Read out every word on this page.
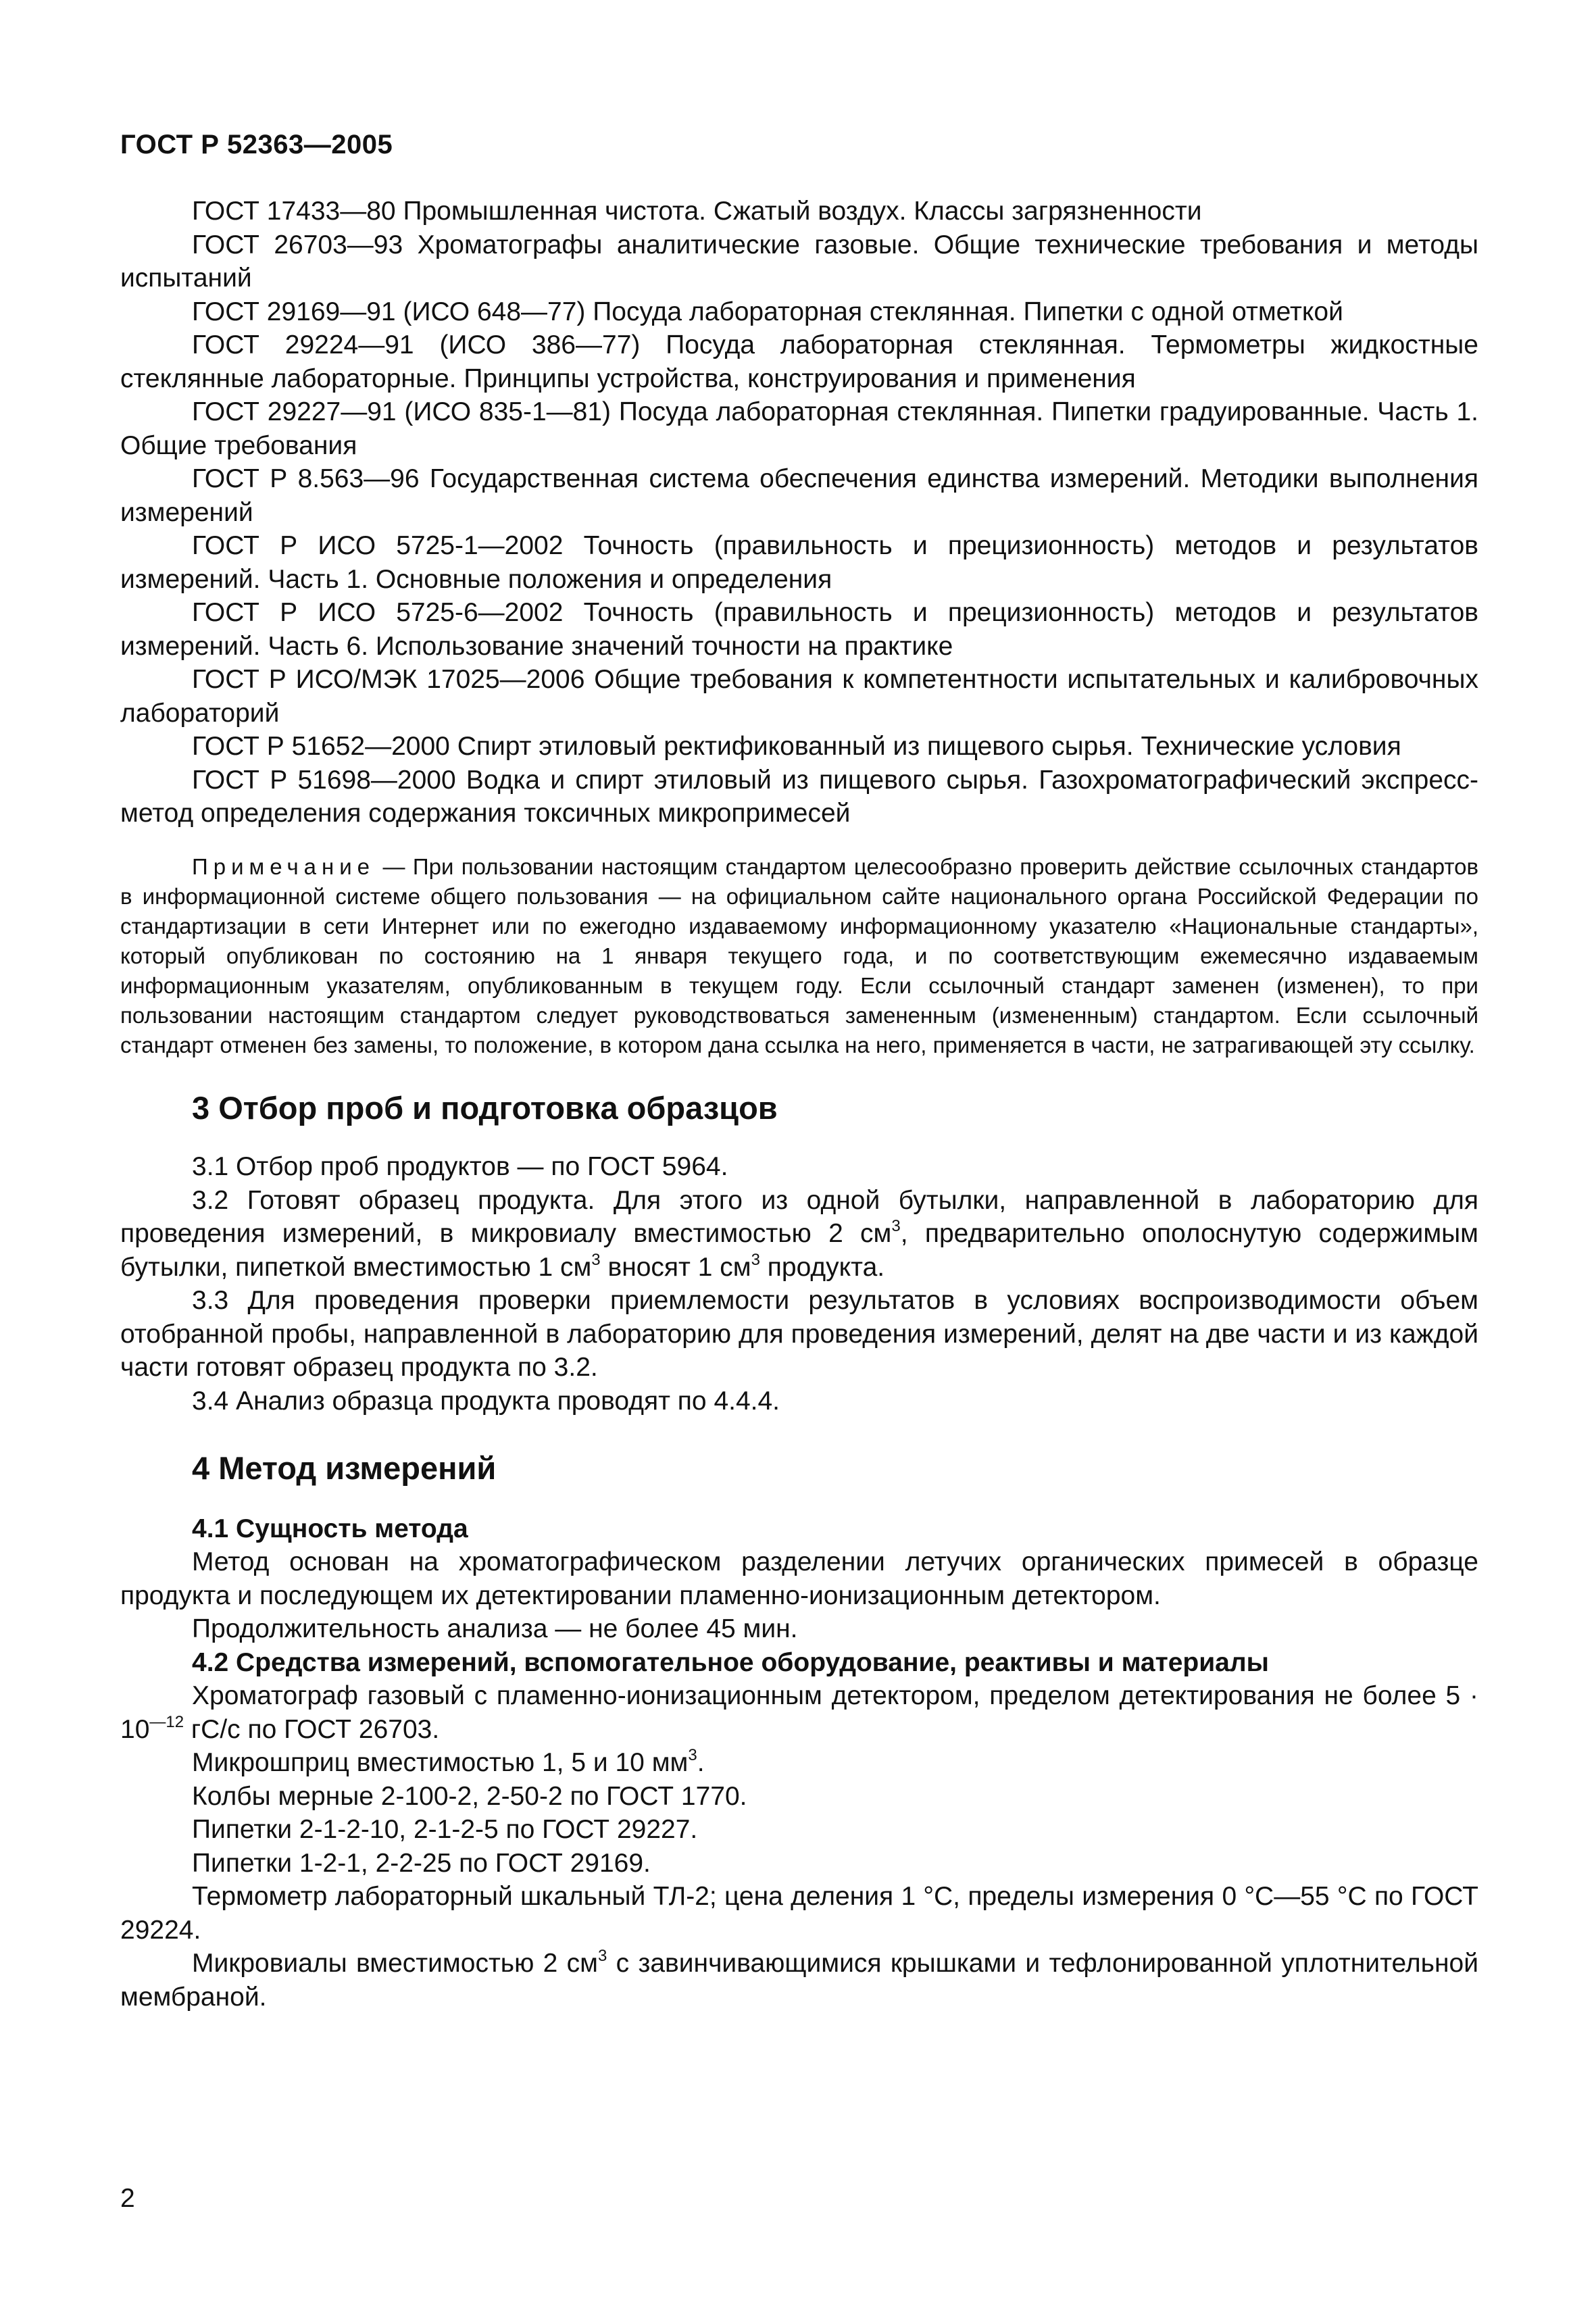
ГОСТ Р 52363—2005

ГОСТ 17433—80 Промышленная чистота. Сжатый воздух. Классы загрязненности

ГОСТ 26703—93 Хроматографы аналитические газовые. Общие технические требования и методы испытаний

ГОСТ 29169—91 (ИСО 648—77) Посуда лабораторная стеклянная. Пипетки с одной отметкой

ГОСТ 29224—91 (ИСО 386—77) Посуда лабораторная стеклянная. Термометры жидкостные стеклянные лабораторные. Принципы устройства, конструирования и применения

ГОСТ 29227—91 (ИСО 835-1—81) Посуда лабораторная стеклянная. Пипетки градуированные. Часть 1. Общие требования

ГОСТ Р 8.563—96 Государственная система обеспечения единства измерений. Методики выполнения измерений

ГОСТ Р ИСО 5725-1—2002 Точность (правильность и прецизионность) методов и результатов измерений. Часть 1. Основные положения и определения

ГОСТ Р ИСО 5725-6—2002 Точность (правильность и прецизионность) методов и результатов измерений. Часть 6. Использование значений точности на практике

ГОСТ Р ИСО/МЭК 17025—2006 Общие требования к компетентности испытательных и калибровочных лабораторий

ГОСТ Р 51652—2000 Спирт этиловый ректификованный из пищевого сырья. Технические условия

ГОСТ Р 51698—2000 Водка и спирт этиловый из пищевого сырья. Газохроматографический экспресс-метод определения содержания токсичных микропримесей

Примечание — При пользовании настоящим стандартом целесообразно проверить действие ссылочных стандартов в информационной системе общего пользования — на официальном сайте национального органа Российской Федерации по стандартизации в сети Интернет или по ежегодно издаваемому информационному указателю «Национальные стандарты», который опубликован по состоянию на 1 января текущего года, и по соответствующим ежемесячно издаваемым информационным указателям, опубликованным в текущем году. Если ссылочный стандарт заменен (изменен), то при пользовании настоящим стандартом следует руководствоваться замененным (измененным) стандартом. Если ссылочный стандарт отменен без замены, то положение, в котором дана ссылка на него, применяется в части, не затрагивающей эту ссылку.

3 Отбор проб и подготовка образцов

3.1 Отбор проб продуктов — по ГОСТ 5964.

3.2 Готовят образец продукта. Для этого из одной бутылки, направленной в лабораторию для проведения измерений, в микровиалу вместимостью 2 $см^3$, предварительно ополоснутую содержимым бутылки, пипеткой вместимостью 1 $см^3$ вносят 1 $см^3$ продукта.

3.3 Для проведения проверки приемлемости результатов в условиях воспроизводимости объем отобранной пробы, направленной в лабораторию для проведения измерений, делят на две части и из каждой части готовят образец продукта по 3.2.

3.4 Анализ образца продукта проводят по 4.4.4.

4 Метод измерений
4.1 Сущность метода

Метод основан на хроматографическом разделении летучих органических примесей в образце продукта и последующем их детектировании пламенно-ионизационным детектором.

Продолжительность анализа — не более 45 мин.

4.2 Средства измерений, вспомогательное оборудование, реактивы и материалы

Хроматограф газовый с пламенно-ионизационным детектором, пределом детектирования не более $5 \cdot 10^{—12}$ гС/с по ГОСТ 26703.

Микрошприц вместимостью 1, 5 и 10 $мм^3$.

Колбы мерные 2-100-2, 2-50-2 по ГОСТ 1770.

Пипетки 2-1-2-10, 2-1-2-5 по ГОСТ 29227.

Пипетки 1-2-1, 2-2-25 по ГОСТ 29169.

Термометр лабораторный шкальный ТЛ-2; цена деления 1 °С, пределы измерения 0 °С—55 °С по ГОСТ 29224.

Микровиалы вместимостью 2 $см^3$ с завинчивающимися крышками и тефлонированной уплотнительной мембраной.

2
